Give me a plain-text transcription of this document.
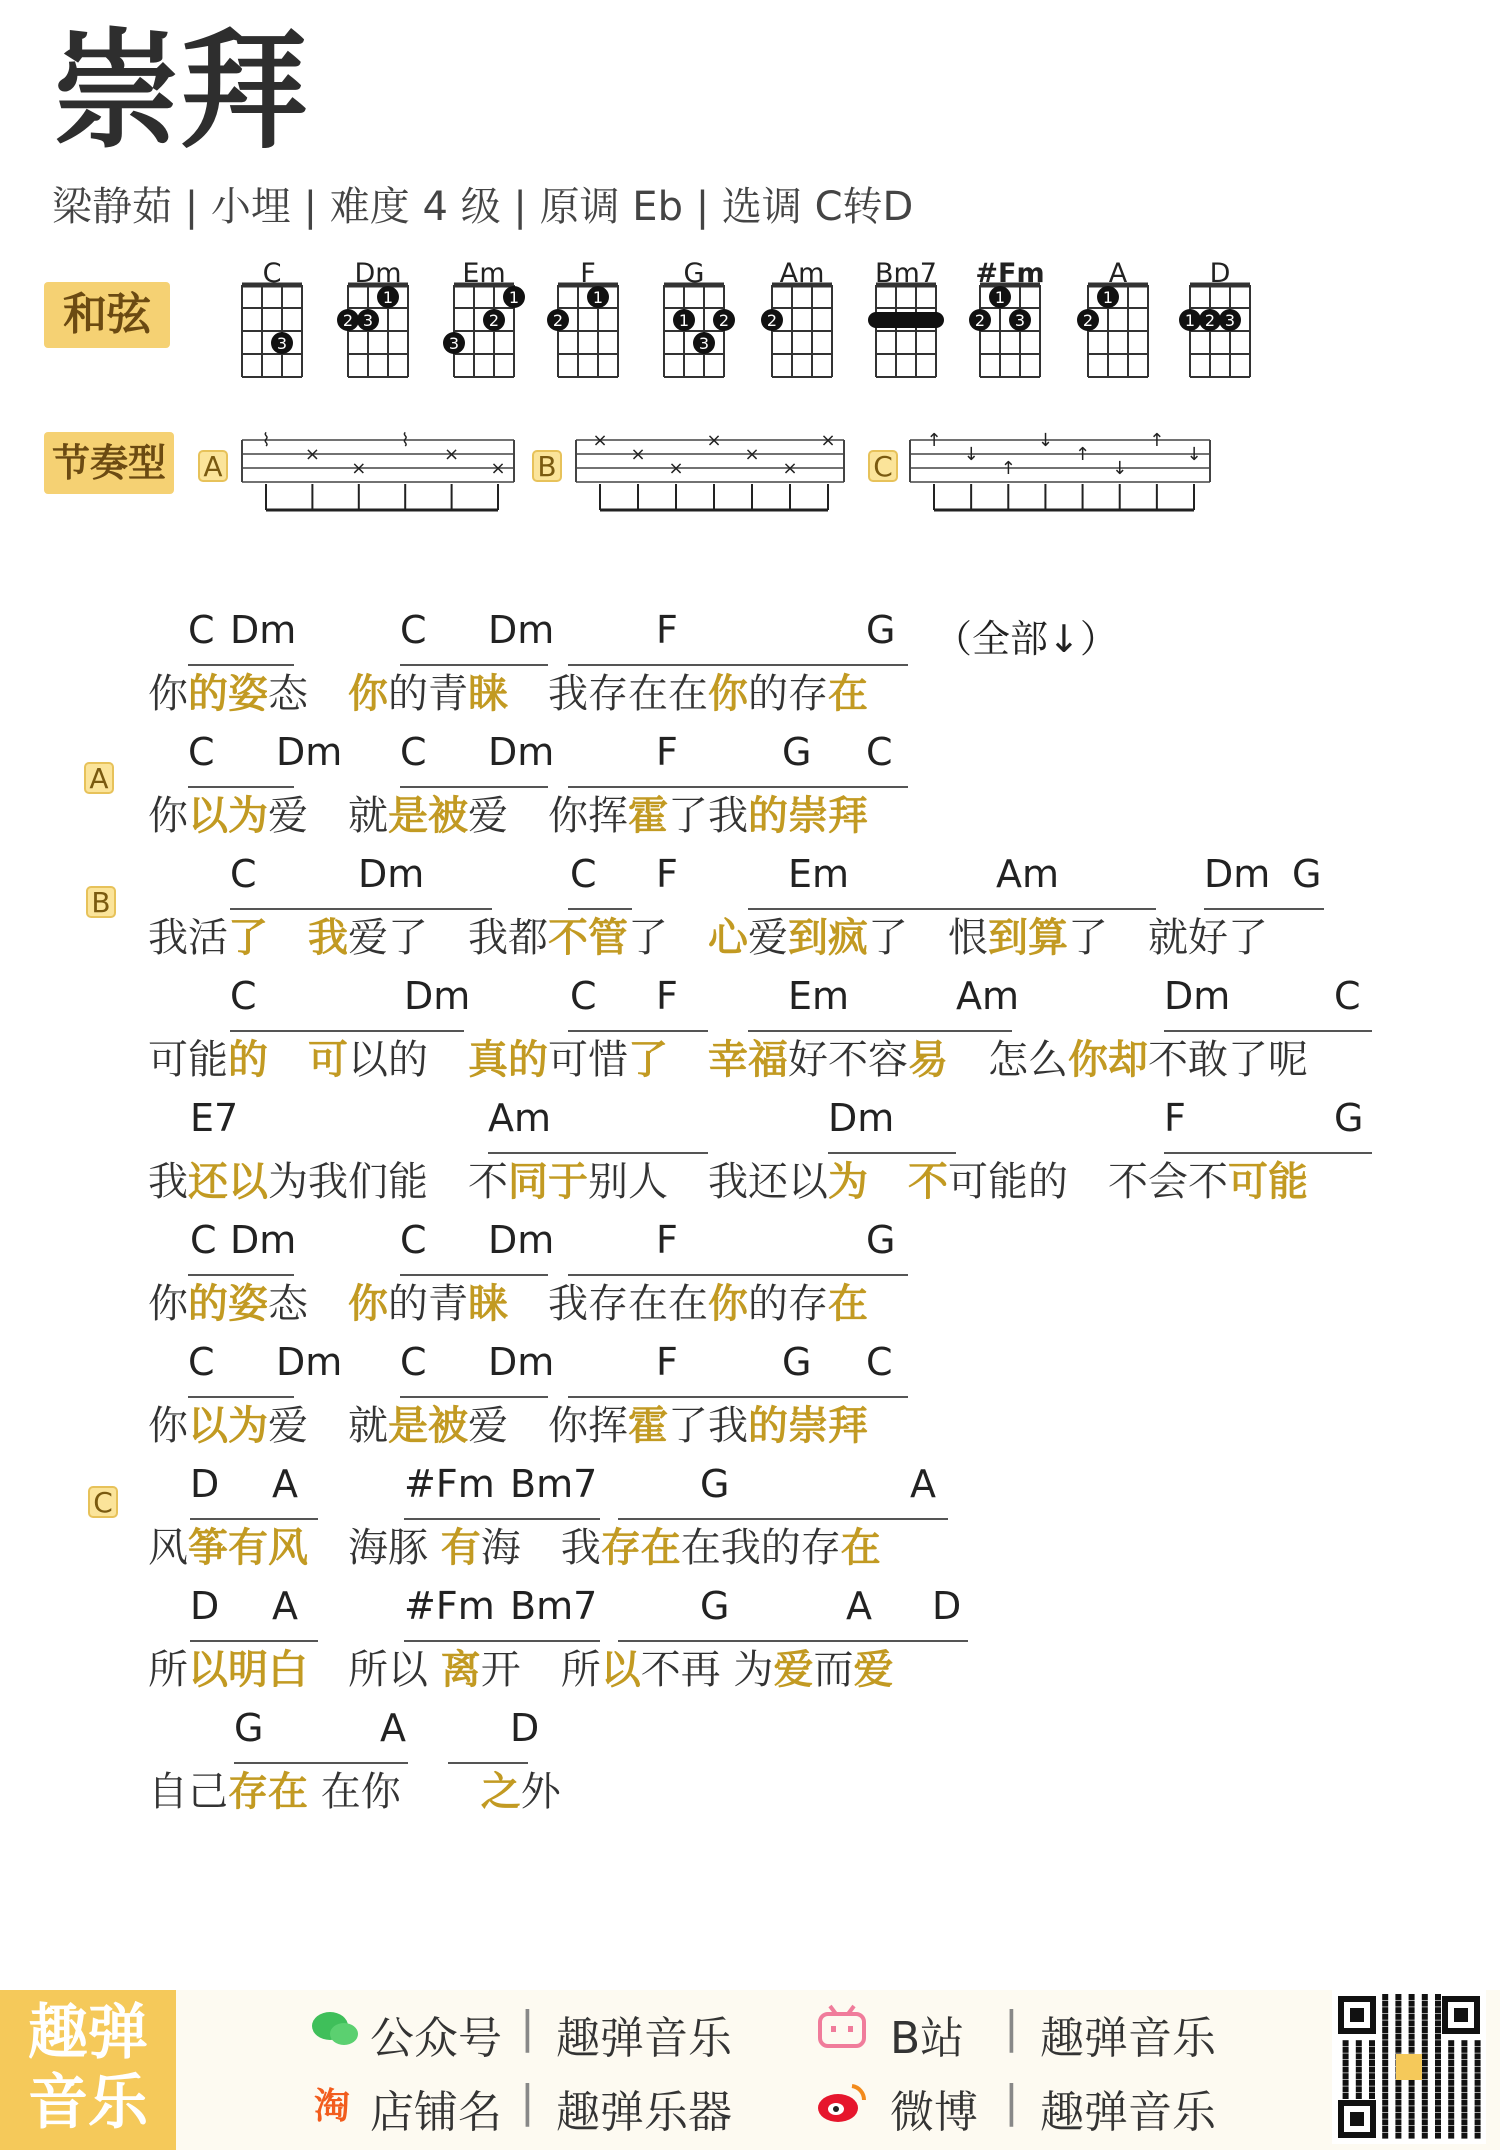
崇拜
梁静茹 | 小埋 | 难度 4 级 | 原调 Eb | 选调 C转D
和弦
3
1
2 3
1
2
3
1
2	1 2
3
2
1
2 3
1
2	1 2 3
C	Dm	Em	F	G	Am	Bm7	#Fm	A	D
节奏型 A	B	C
⌇
×
×
⌇
×
×
×
×
×
×
×
×
×	↑
↓
↑
↓
↑
↓
↑
↓
A
B
C
C Dm	C Dm	F	G （全部↓）
你的姿态　你的青睐　我存在在你的存在
C Dm C Dm	F	G C
你以为爱　就是被爱　你挥霍了我的崇拜
C	Dm	C F	Em	Am	Dm G
我活了　 我爱了　我都不管了　心爱到疯了　恨到算了　就好了
C	Dm	C F	Em	Am	Dm	C
可能的　 可以的　真的可惜了　 幸福好不容易　怎么你却不敢了呢
E7	Am	Dm	F	G
我还以为我们能　不同于别人　我还以为　 不可能的　不会不可能
C Dm	C Dm	F	G
你的姿态　你的青睐　我存在在你的存在
C Dm C Dm	F	G C
你以为爱　就是被爱　你挥霍了我的崇拜
D A	#Fm Bm7	G	A
风筝有风　海豚 有海　我存在在我的存在
D A	#Fm Bm7	G	A D
所以明白　所以 离开　所以不再 为爱而爱
G	A	D
自己存在 在你　　之外
趣弹
音乐
公众号 | 趣弹音乐
淘 店铺名 | 趣弹乐器
B站 | 趣弹音乐
微博 | 趣弹音乐
